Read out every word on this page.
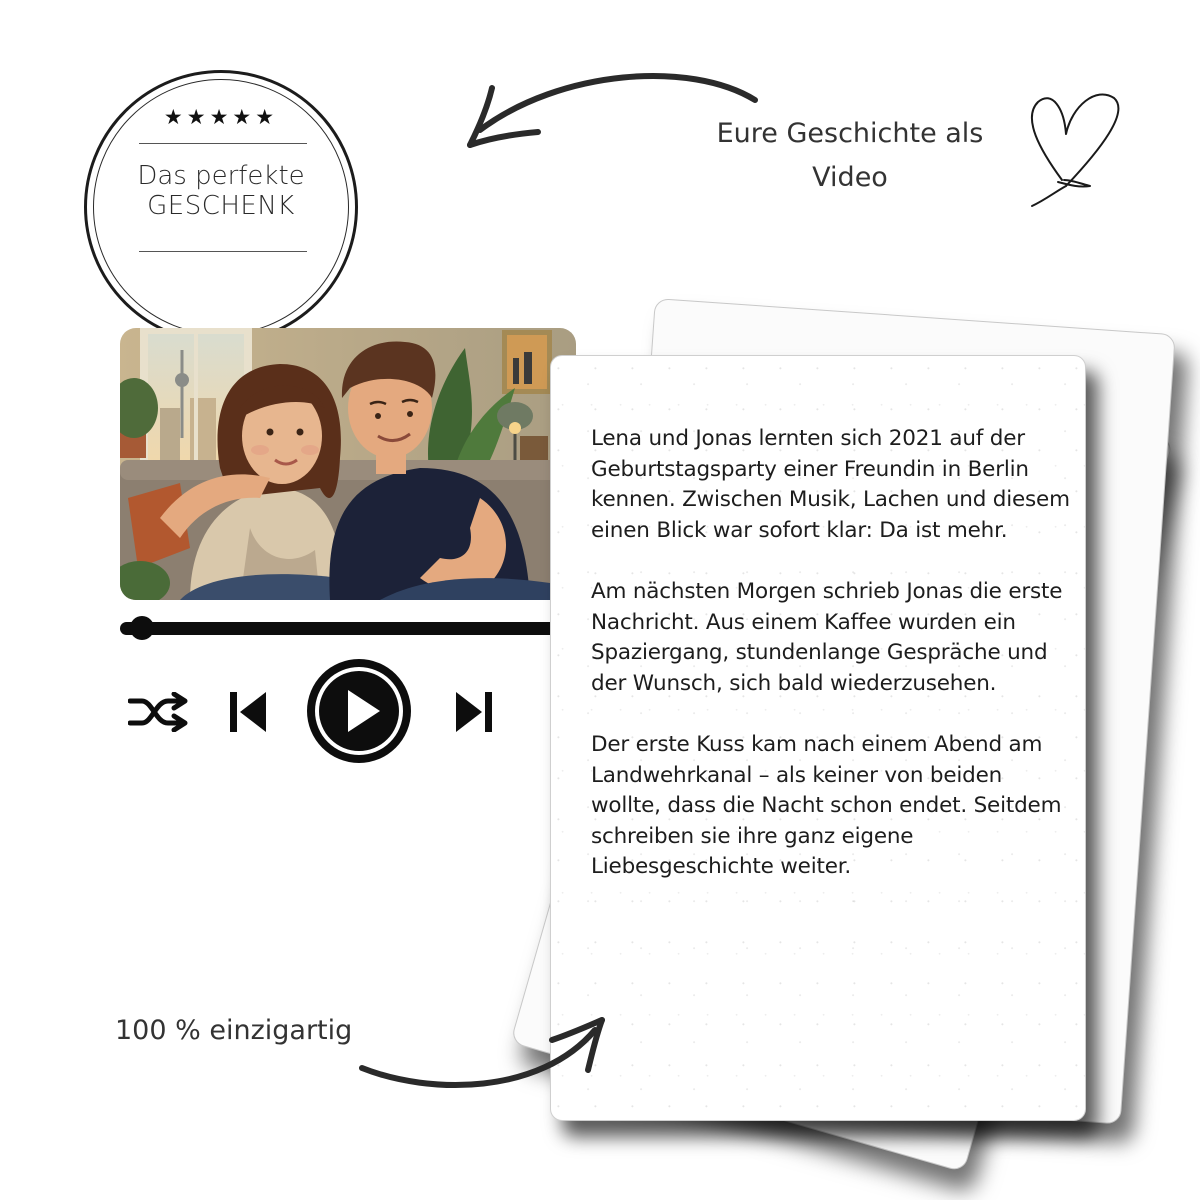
★★★★★
Das perfekte
GESCHENK
Eure Geschichte als Video

Lena und Jonas lernten sich 2021 auf der Geburtstagsparty einer Freundin in Berlin kennen. Zwischen Musik, Lachen und diesem einen Blick war sofort klar: Da ist mehr.

Am nächsten Morgen schrieb Jonas die erste Nachricht. Aus einem Kaffee wurden ein Spaziergang, stundenlange Gespräche und der Wunsch, sich bald wiederzusehen.

Der erste Kuss kam nach einem Abend am Landwehrkanal – als keiner von beiden wollte, dass die Nacht schon endet. Seitdem schreiben sie ihre ganz eigene Liebesgeschichte weiter.

100 % einzigartig
